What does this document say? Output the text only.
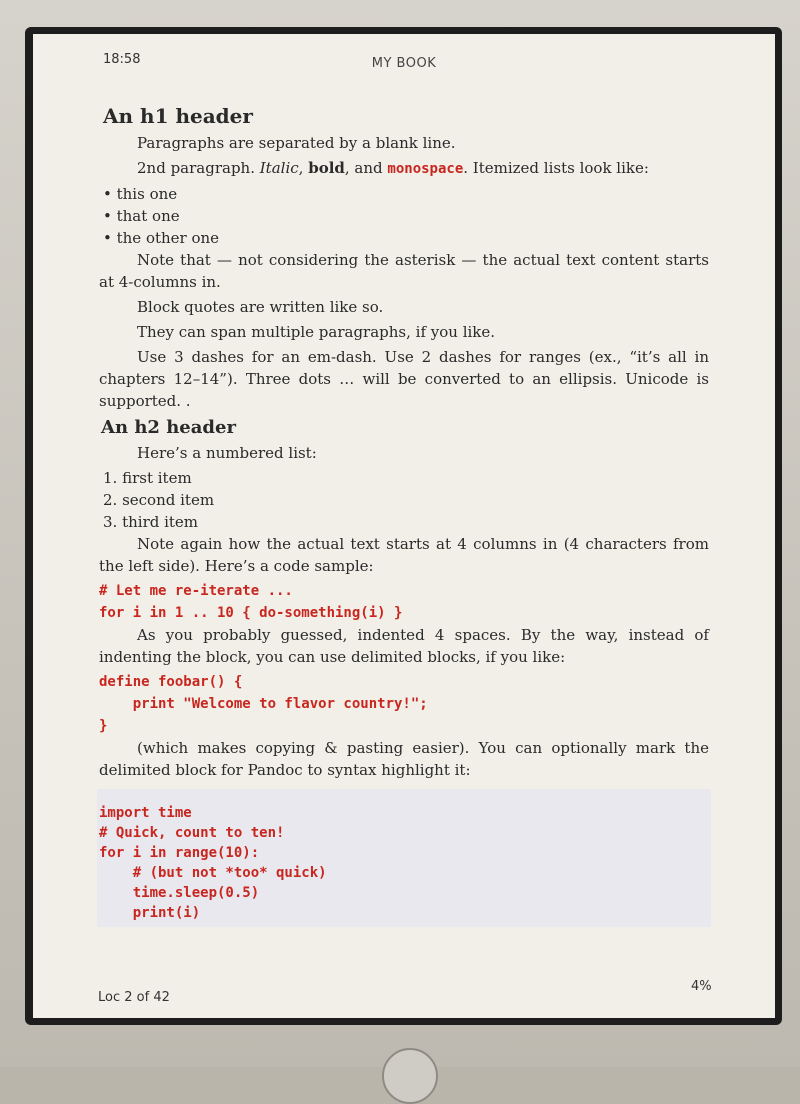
18:58	MY BOOK
An h1 header
Paragraphs are separated by a blank line.
2nd paragraph. Italic, bold, and monospace. Itemized lists look like:
• this one
• that one
• the other one
Note that — not considering the asterisk — the actual text content starts at 4-columns in.
Block quotes are written like so.
They can span multiple paragraphs, if you like.
Use 3 dashes for an em-dash. Use 2 dashes for ranges (ex., “it’s all in chapters 12–14”). Three dots … will be converted to an ellipsis. Unicode is supported. .
An h2 header
Here’s a numbered list:
1. first item
2. second item
3. third item
Note again how the actual text starts at 4 columns in (4 characters from the left side). Here’s a code sample:
# Let me re-iterate ...
for i in 1 .. 10 { do-something(i) }
As you probably guessed, indented 4 spaces. By the way, instead of indenting the block, you can use delimited blocks, if you like:
define foobar() {
print "Welcome to flavor country!";
}
(which makes copying & pasting easier). You can optionally mark the delimited block for Pandoc to syntax highlight it:
import time
# Quick, count to ten!
for i in range(10):
# (but not *too* quick)
time.sleep(0.5)
print(i)
4%
Loc 2 of 42
